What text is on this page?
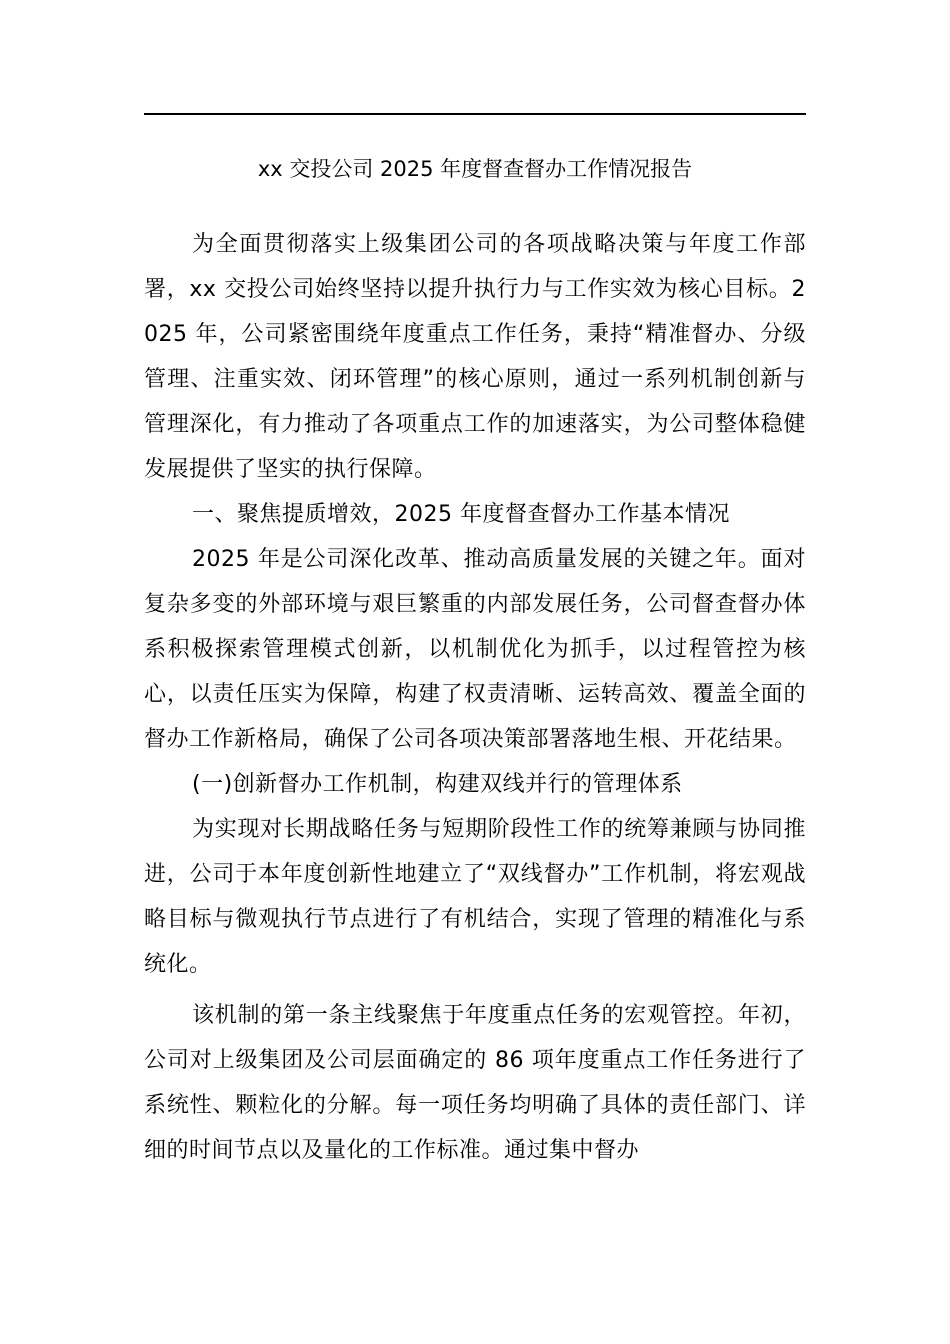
xx 交投公司 2025 年度督查督办工作情况报告

为全面贯彻落实上级集团公司的各项战略决策与年度工作部署，xx 交投公司始终坚持以提升执行力与工作实效为核心目标。2025 年，公司紧密围绕年度重点工作任务，秉持“精准督办、分级管理、注重实效、闭环管理”的核心原则，通过一系列机制创新与管理深化，有力推动了各项重点工作的加速落实，为公司整体稳健发展提供了坚实的执行保障。

一、聚焦提质增效，2025 年度督查督办工作基本情况

2025 年是公司深化改革、推动高质量发展的关键之年。面对复杂多变的外部环境与艰巨繁重的内部发展任务，公司督查督办体系积极探索管理模式创新，以机制优化为抓手，以过程管控为核心，以责任压实为保障，构建了权责清晰、运转高效、覆盖全面的督办工作新格局，确保了公司各项决策部署落地生根、开花结果。

(一)创新督办工作机制，构建双线并行的管理体系

为实现对长期战略任务与短期阶段性工作的统筹兼顾与协同推进，公司于本年度创新性地建立了“双线督办”工作机制，将宏观战略目标与微观执行节点进行了有机结合，实现了管理的精准化与系统化。

该机制的第一条主线聚焦于年度重点任务的宏观管控。年初，公司对上级集团及公司层面确定的 86 项年度重点工作任务进行了系统性、颗粒化的分解。每一项任务均明确了具体的责任部门、详细的时间节点以及量化的工作标准。通过集中督办
